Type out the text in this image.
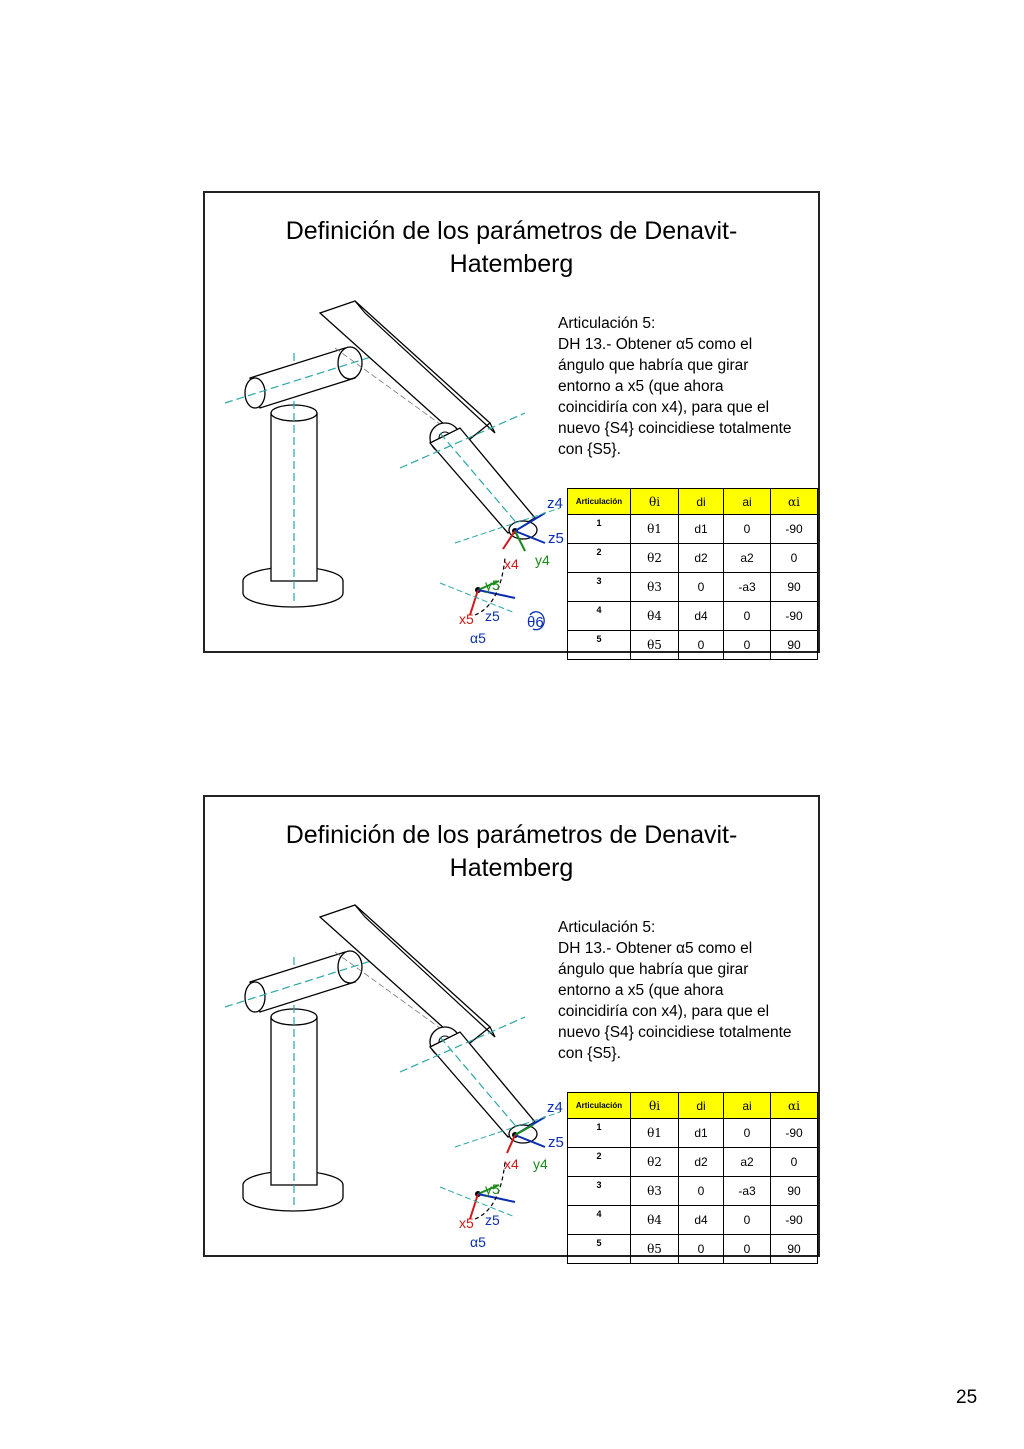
Definición de los parámetros de Denavit-
Hatemberg
Articulación 5:
DH 13.- Obtener α5 como el
ángulo que habría que girar
entorno a x5 (que ahora
coincidiría con x4), para que el
nuevo {S4} coincidiese totalmente
con {S5}.
z4
z5
y4
x4
y5
x5 z5
α5
θ6
Articulación	θi	di	ai	αi
1	θ1	d1	0	-90
2	θ2	d2	a2	0
3	θ3	0	-a3	90
4	θ4	d4	0	-90
5	θ5	0	0	90
Definición de los parámetros de Denavit-
Hatemberg
Articulación 5:
DH 13.- Obtener α5 como el
ángulo que habría que girar
entorno a x5 (que ahora
coincidiría con x4), para que el
nuevo {S4} coincidiese totalmente
con {S5}.
z4
z5
y4
x4
y5
x5 z5
α5
Articulación	θi	di	ai	αi
1	θ1	d1	0	-90
2	θ2	d2	a2	0
3	θ3	0	-a3	90
4	θ4	d4	0	-90
5	θ5	0	0	90
25
